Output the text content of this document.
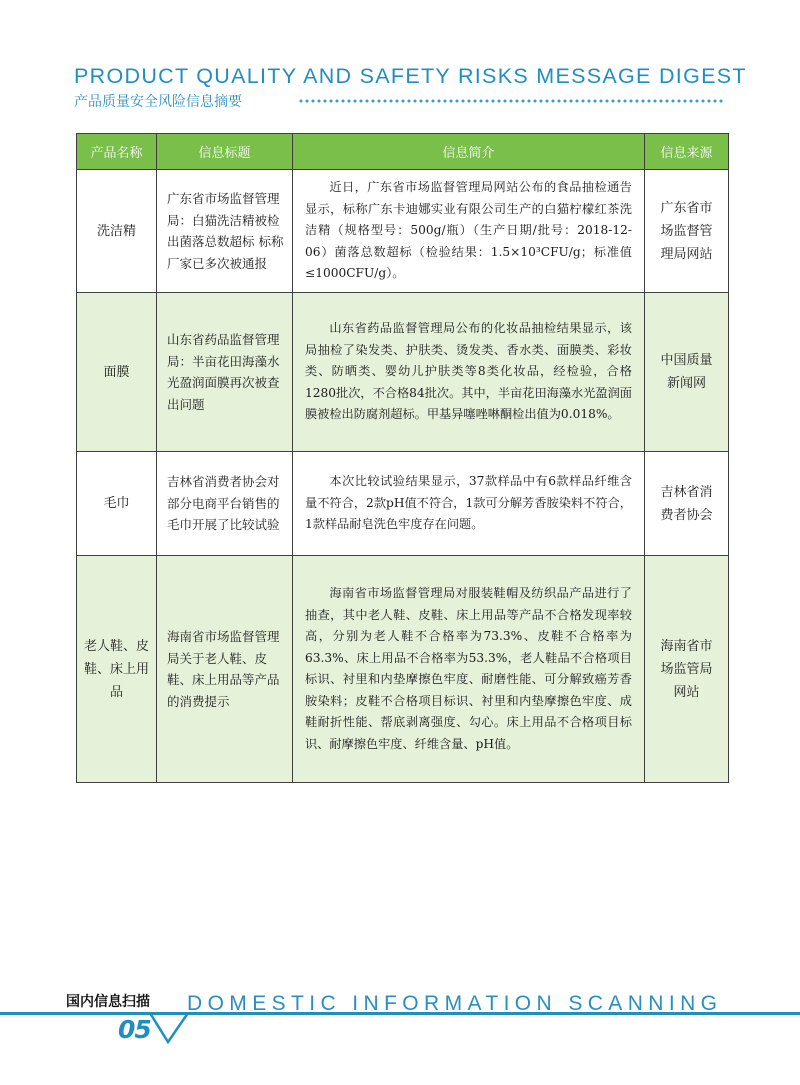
PRODUCT QUALITY AND SAFETY RISKS MESSAGE DIGEST
产品质量安全风险信息摘要
产品名称	信息标题	信息简介	信息来源
洗洁精	广东省市场监督管理局：白猫洗洁精被检出菌落总数超标 标称厂家已多次被通报	近日，广东省市场监督管理局网站公布的食品抽检通告显示，标称广东卡迪娜实业有限公司生产的白猫柠檬红茶洗洁精（规格型号：500g/瓶）（生产日期/批号：2018-12-06）菌落总数超标（检验结果：1.5×10³CFU/g；标准值≤1000CFU/g）。	广东省市场监督管理局网站
面膜	山东省药品监督管理局：半亩花田海藻水光盈润面膜再次被查出问题	山东省药品监督管理局公布的化妆品抽检结果显示，该局抽检了染发类、护肤类、烫发类、香水类、面膜类、彩妆类、防晒类、婴幼儿护肤类等8类化妆品，经检验，合格1280批次，不合格84批次。其中，半亩花田海藻水光盈润面膜被检出防腐剂超标。甲基异噻唑啉酮检出值为0.018%。	中国质量新闻网
毛巾	吉林省消费者协会对部分电商平台销售的毛巾开展了比较试验	本次比较试验结果显示，37款样品中有6款样品纤维含量不符合，2款pH值不符合，1款可分解芳香胺染料不符合，1款样品耐皂洗色牢度存在问题。	吉林省消费者协会
老人鞋、皮鞋、床上用品	海南省市场监督管理局关于老人鞋、皮鞋、床上用品等产品的消费提示	海南省市场监督管理局对服装鞋帽及纺织品产品进行了抽查，其中老人鞋、皮鞋、床上用品等产品不合格发现率较高，分别为老人鞋不合格率为73.3%、皮鞋不合格率为63.3%、床上用品不合格率为53.3%，老人鞋品不合格项目标识、衬里和内垫摩擦色牢度、耐磨性能、可分解致癌芳香胺染料；皮鞋不合格项目标识、衬里和内垫摩擦色牢度、成鞋耐折性能、帮底剥离强度、勾心。床上用品不合格项目标识、耐摩擦色牢度、纤维含量、pH值。	海南省市场监管局网站
国内信息扫描 DOMESTIC INFORMATION SCANNING
05
